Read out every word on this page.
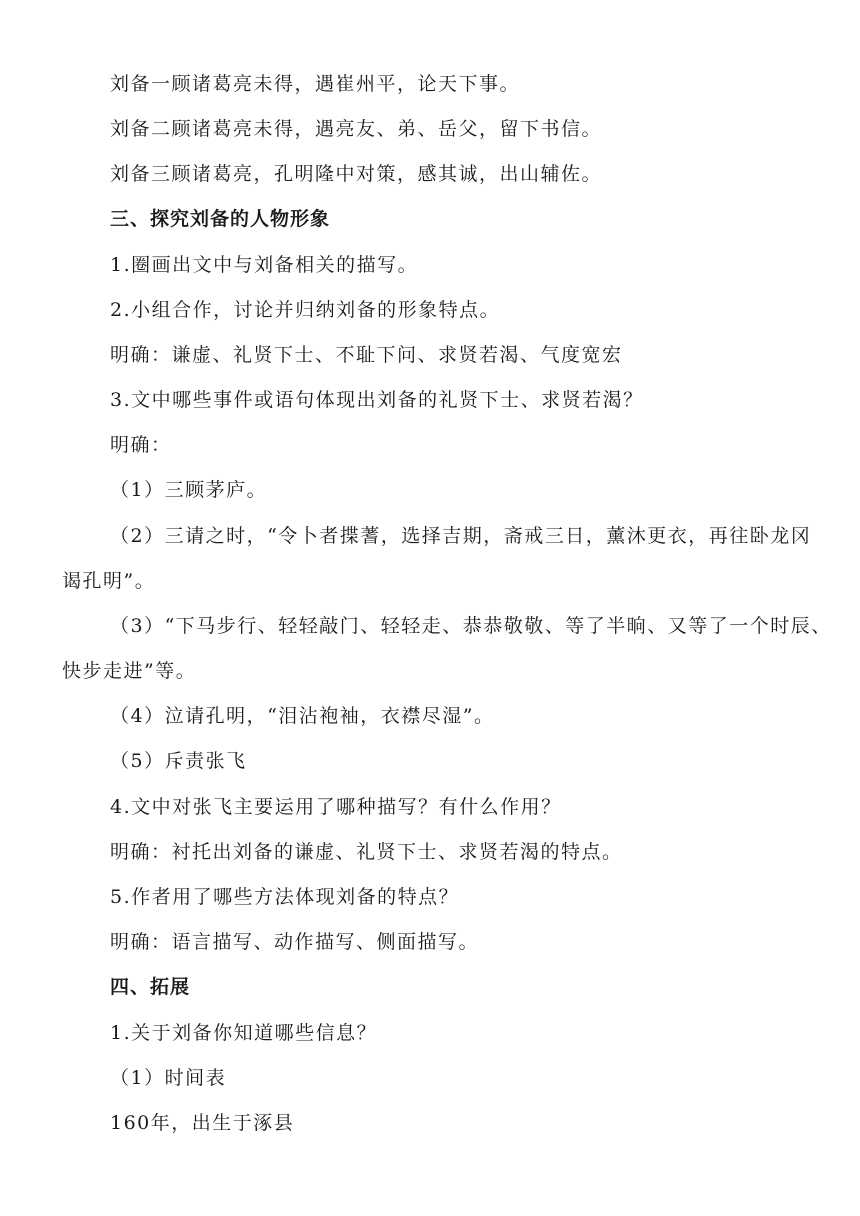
刘备一顾诸葛亮未得，遇崔州平，论天下事。
刘备二顾诸葛亮未得，遇亮友、弟、岳父，留下书信。
刘备三顾诸葛亮，孔明隆中对策，感其诚，出山辅佐。
三、探究刘备的人物形象
1.圈画出文中与刘备相关的描写。
2.小组合作，讨论并归纳刘备的形象特点。
明确：谦虚、礼贤下士、不耻下问、求贤若渴、气度宽宏
3.文中哪些事件或语句体现出刘备的礼贤下士、求贤若渴？
明确：
（1）三顾茅庐。
（2）三请之时，“令卜者揲蓍，选择吉期，斋戒三日，薰沐更衣，再往卧龙冈
谒孔明”。
（3）“下马步行、轻轻敲门、轻轻走、恭恭敬敬、等了半晌、又等了一个时辰、
快步走进”等。
（4）泣请孔明，“泪沾袍袖，衣襟尽湿”。
（5）斥责张飞
4.文中对张飞主要运用了哪种描写？有什么作用？
明确：衬托出刘备的谦虚、礼贤下士、求贤若渴的特点。
5.作者用了哪些方法体现刘备的特点？
明确：语言描写、动作描写、侧面描写。
四、拓展
1.关于刘备你知道哪些信息？
（1）时间表
160年，出生于涿县
